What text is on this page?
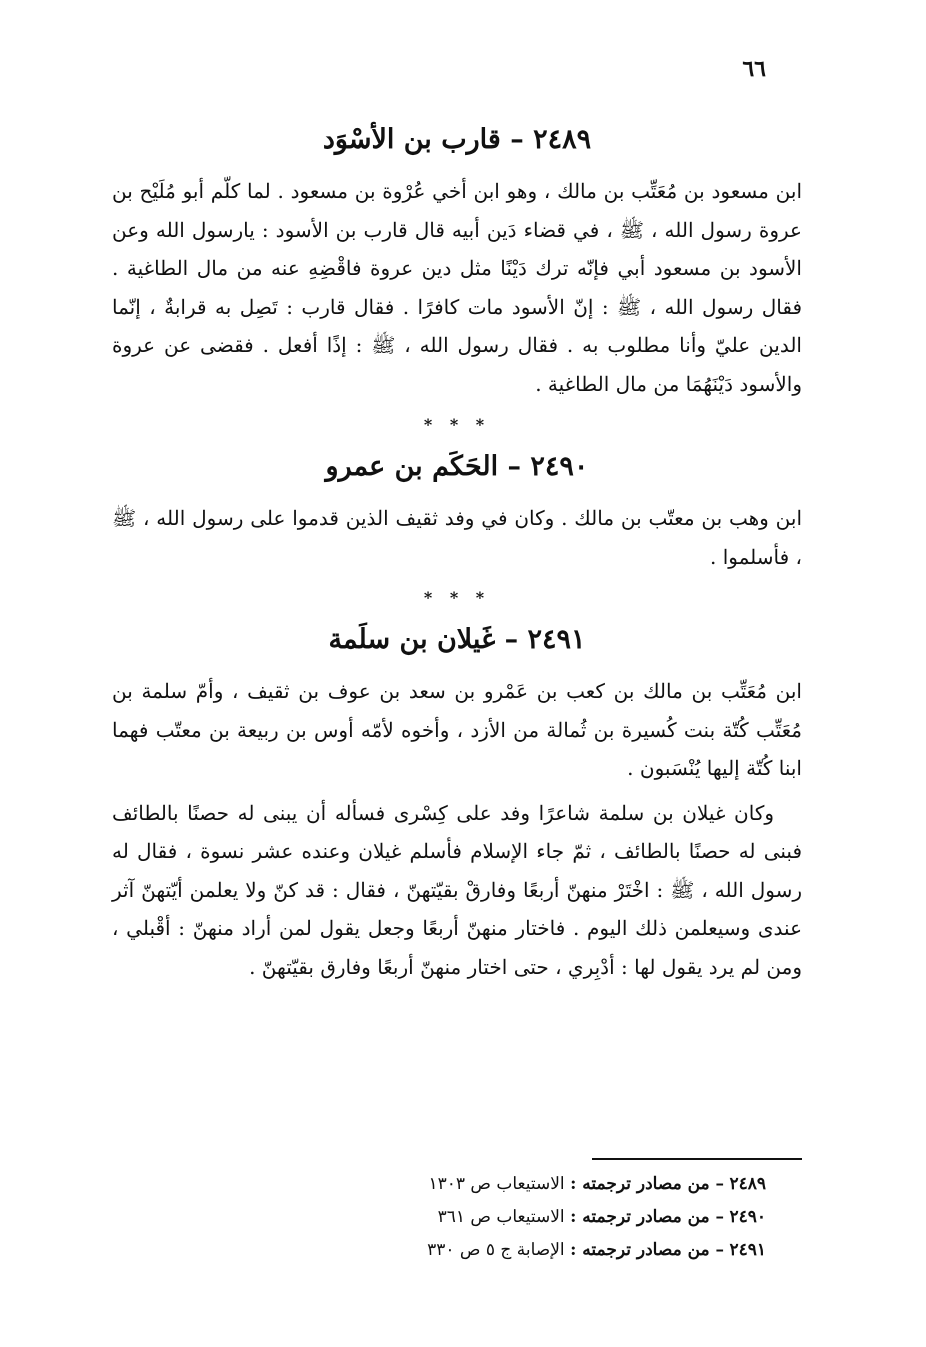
٦٦
٢٤٨٩ – قارب بن الأسْوَد

ابن مسعود بن مُعَتِّب بن مالك ، وهو ابن أخي عُرْوة بن مسعود . لما كلّم أبو مُلَيْح بن عروة رسول الله ، ﷺ ، في قضاء دَين أبيه قال قارب بن الأسود : يارسول الله وعن الأسود بن مسعود أبي فإنّه ترك دَيْنًا مثل دين عروة فاقْضِهِ عنه من مال الطاغية . فقال رسول الله ، ﷺ : إنّ الأسود مات كافرًا . فقال قارب : تَصِل به قرابةٌ ، إنّما الدين عليّ وأنا مطلوب به . فقال رسول الله ، ﷺ : إذًا أفعل . فقضى عن عروة والأسود دَيْنَهُمَا من مال الطاغية .

* * *
٢٤٩٠ – الحَكَم بن عمرو

ابن وهب بن معتّب بن مالك . وكان في وفد ثقيف الذين قدموا على رسول الله ، ﷺ ، فأسلموا .

* * *
٢٤٩١ – غَيلان بن سلَمة

ابن مُعَتِّب بن مالك بن كعب بن عَمْرو بن سعد بن عوف بن ثقيف ، وأمّ سلمة بن مُعَتِّب كُتّة بنت كُسيرة بن ثُمالة من الأزد ، وأخوه لأمّه أوس بن ربيعة بن معتّب فهما ابنا كُتّة إليها يُنْسَبون .

وكان غيلان بن سلمة شاعرًا وفد على كِسْرى فسأله أن يبنى له حصنًا بالطائف فبنى له حصنًا بالطائف ، ثمّ جاء الإسلام فأسلم غيلان وعنده عشر نسوة ، فقال له رسول الله ، ﷺ : اخْتَرْ منهنّ أربعًا وفارقْ بقيّتهنّ ، فقال : قد كنّ ولا يعلمن أيّتهنّ آثر عندى وسيعلمن ذلك اليوم . فاختار منهنّ أربعًا وجعل يقول لمن أراد منهنّ : أقْبلي ، ومن لم يرد يقول لها : أدْبِري ، حتى اختار منهنّ أربعًا وفارق بقيّتهنّ .

٢٤٨٩ – من مصادر ترجمته : الاستيعاب ص ١٣٠٣
٢٤٩٠ – من مصادر ترجمته : الاستيعاب ص ٣٦١
٢٤٩١ – من مصادر ترجمته : الإصابة ج ٥ ص ٣٣٠
